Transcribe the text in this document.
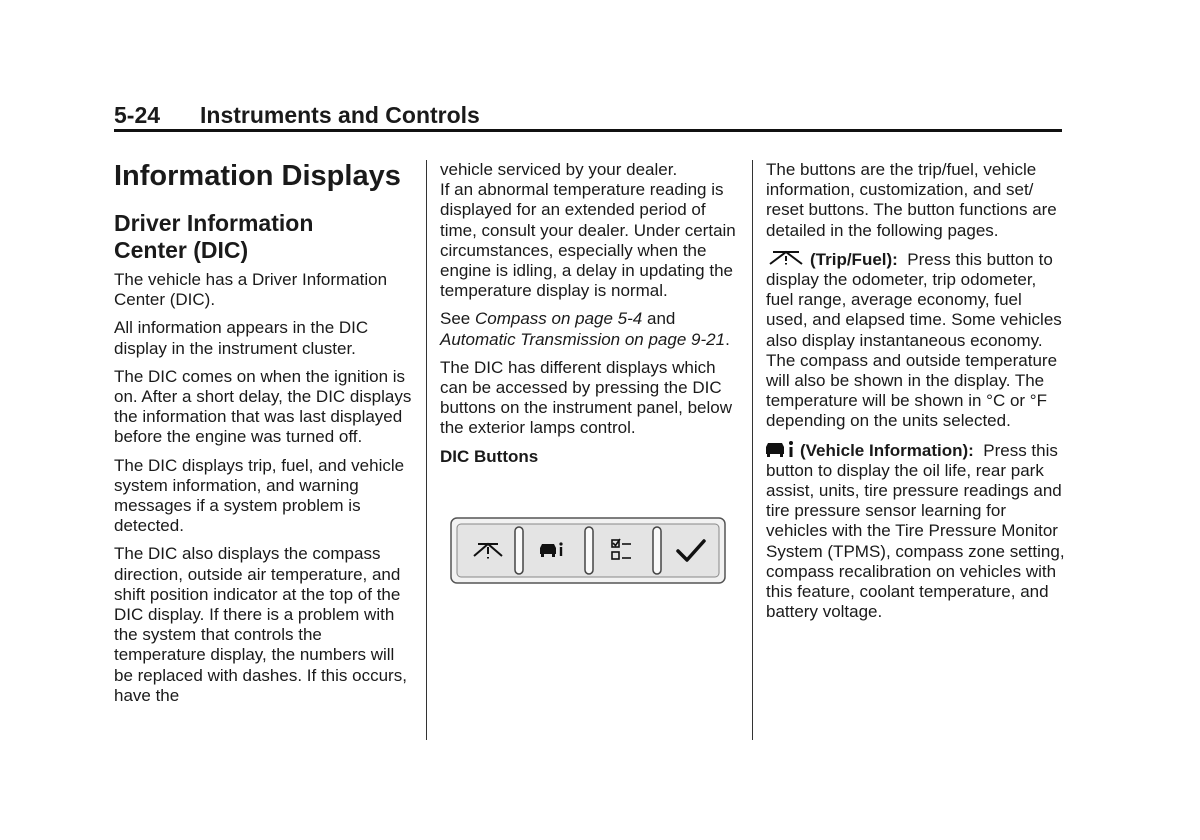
5-24 Instruments and Controls
Information Displays
Driver Information Center (DIC)

The vehicle has a Driver Information Center (DIC).

All information appears in the DIC display in the instrument cluster.

The DIC comes on when the ignition is on. After a short delay, the DIC displays the information that was last displayed before the engine was turned off.

The DIC displays trip, fuel, and vehicle system information, and warning messages if a system problem is detected.

The DIC also displays the compass direction, outside air temperature, and shift position indicator at the top of the DIC display. If there is a problem with the system that controls the temperature display, the numbers will be replaced with dashes. If this occurs, have the

vehicle serviced by your dealer.

If an abnormal temperature reading is displayed for an extended period of time, consult your dealer. Under certain circumstances, especially when the engine is idling, a delay in updating the temperature display is normal.

See Compass on page 5-4 and Automatic Transmission on page 9-21.

The DIC has different displays which can be accessed by pressing the DIC buttons on the instrument panel, below the exterior lamps control.

DIC Buttons

The buttons are the trip/fuel, vehicle information, customization, and set/ reset buttons. The button functions are detailed in the following pages.

(Trip/Fuel): Press this button to display the odometer, trip odometer, fuel range, average economy, fuel used, and elapsed time. Some vehicles also display instantaneous economy. The compass and outside temperature will also be shown in the display. The temperature will be shown in °C or °F depending on the units selected.

(Vehicle Information): Press this button to display the oil life, rear park assist, units, tire pressure readings and tire pressure sensor learning for vehicles with the Tire Pressure Monitor System (TPMS), compass zone setting, compass recalibration on vehicles with this feature, coolant temperature, and battery voltage.
